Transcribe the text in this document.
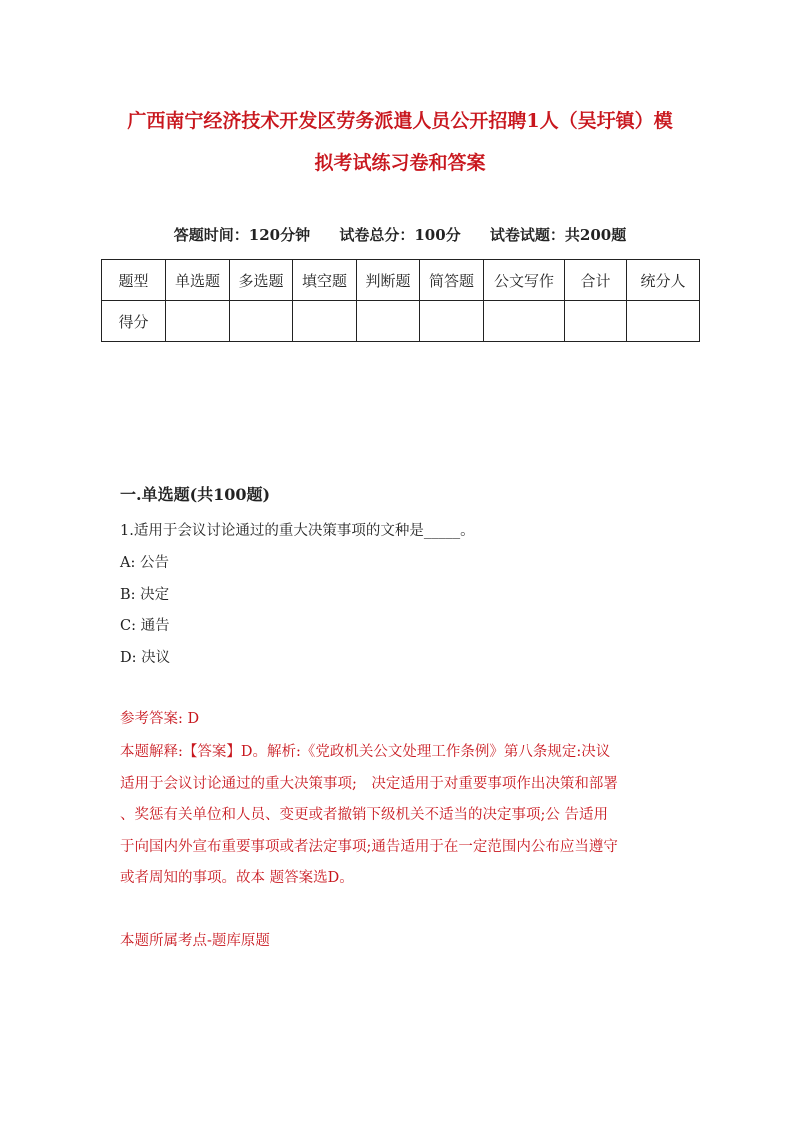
广西南宁经济技术开发区劳务派遣人员公开招聘1人（吴圩镇）模
拟考试练习卷和答案
答题时间：120分钟 试卷总分：100分 试卷试题：共200题
题型	单选题	多选题	填空题	判断题	简答题	公文写作	合计	统分人
得分								
一.单选题(共100题)
1.适用于会议讨论通过的重大决策事项的文种是_____。
A: 公告
B: 决定
C: 通告
D: 决议
参考答案: D
本题解释:【答案】D。解析:《党政机关公文处理工作条例》第八条规定:决议
适用于会议讨论通过的重大决策事项;　决定适用于对重要事项作出决策和部署
、奖惩有关单位和人员、变更或者撤销下级机关不适当的决定事项;公 告适用
于向国内外宣布重要事项或者法定事项;通告适用于在一定范围内公布应当遵守
或者周知的事项。故本 题答案选D。
本题所属考点-题库原题
